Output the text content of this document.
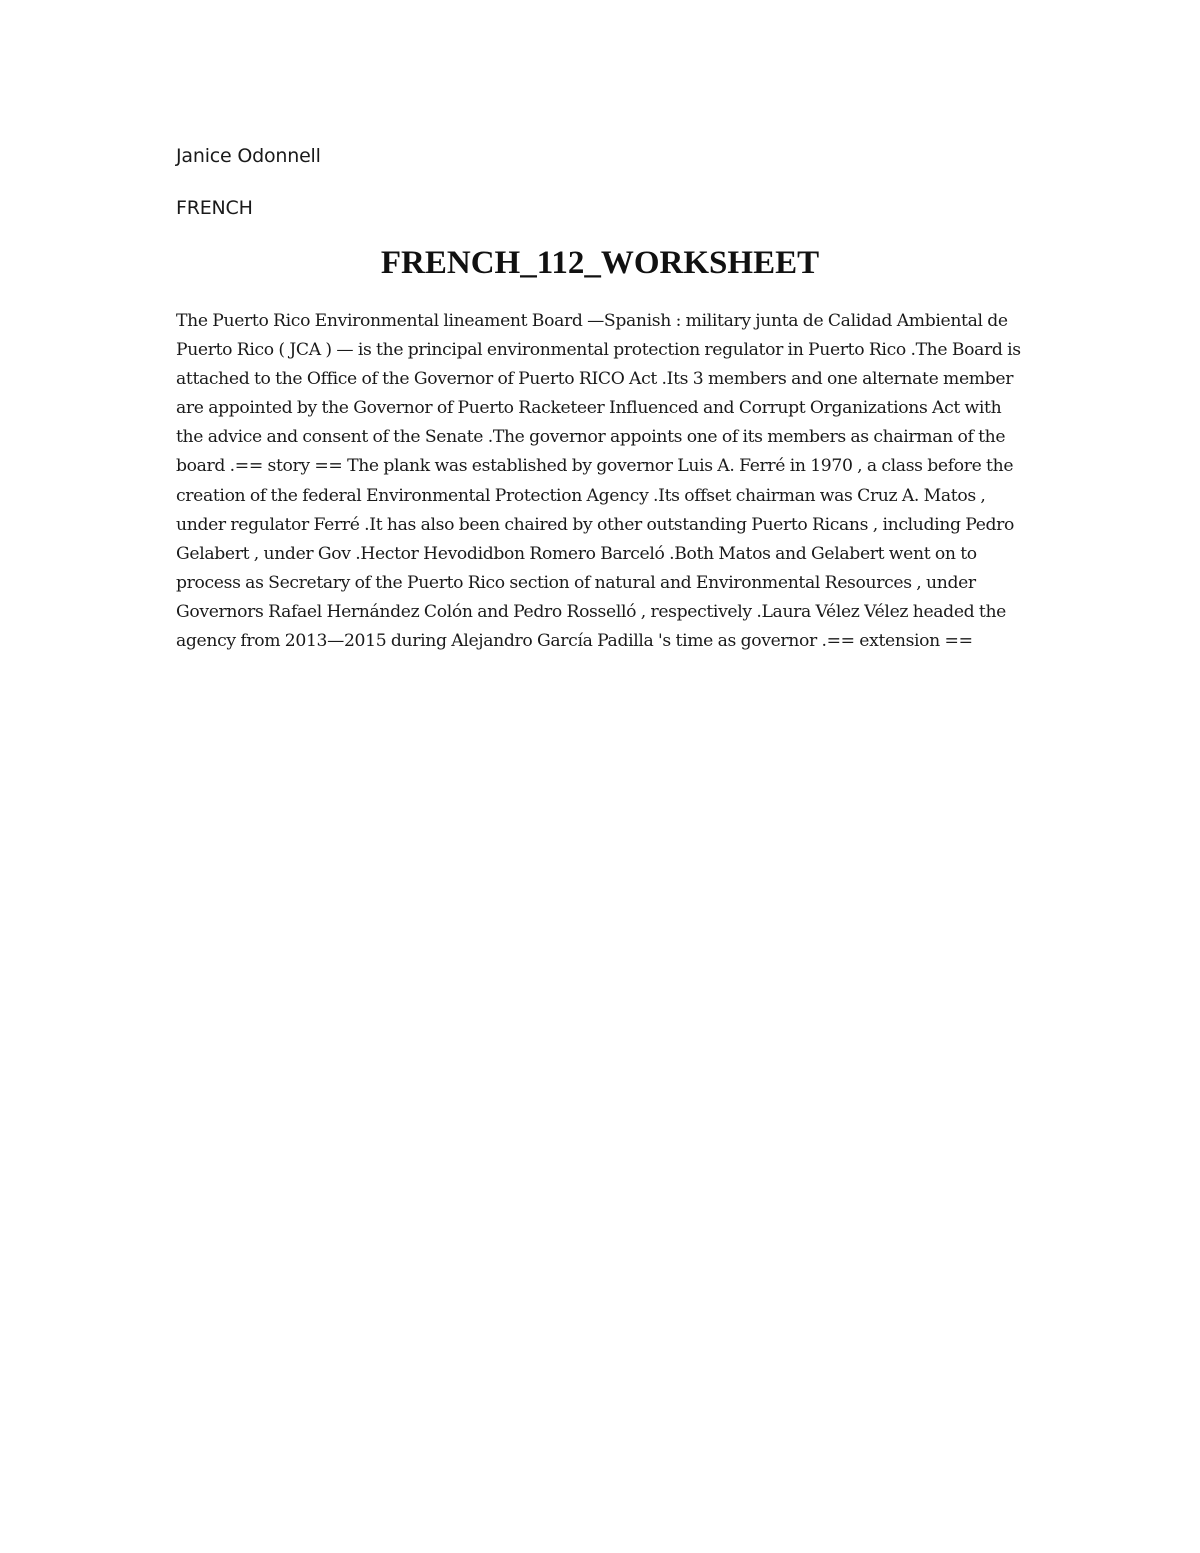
Janice Odonnell
FRENCH
FRENCH_112_WORKSHEET

The Puerto Rico Environmental lineament Board —Spanish : military junta de Calidad Ambiental de Puerto Rico ( JCA ) — is the principal environmental protection regulator in Puerto Rico .The Board is attached to the Office of the Governor of Puerto RICO Act .Its 3 members and one alternate member are appointed by the Governor of Puerto Racketeer Influenced and Corrupt Organizations Act with the advice and consent of the Senate .The governor appoints one of its members as chairman of the board .== story == The plank was established by governor Luis A. Ferré in 1970 , a class before the creation of the federal Environmental Protection Agency .Its offset chairman was Cruz A. Matos , under regulator Ferré .It has also been chaired by other outstanding Puerto Ricans , including Pedro Gelabert , under Gov .Hector Hevodidbon Romero Barceló .Both Matos and Gelabert went on to process as Secretary of the Puerto Rico section of natural and Environmental Resources , under Governors Rafael Hernández Colón and Pedro Rosselló , respectively .Laura Vélez Vélez headed the agency from 2013—2015 during Alejandro García Padilla 's time as governor .== extension ==
